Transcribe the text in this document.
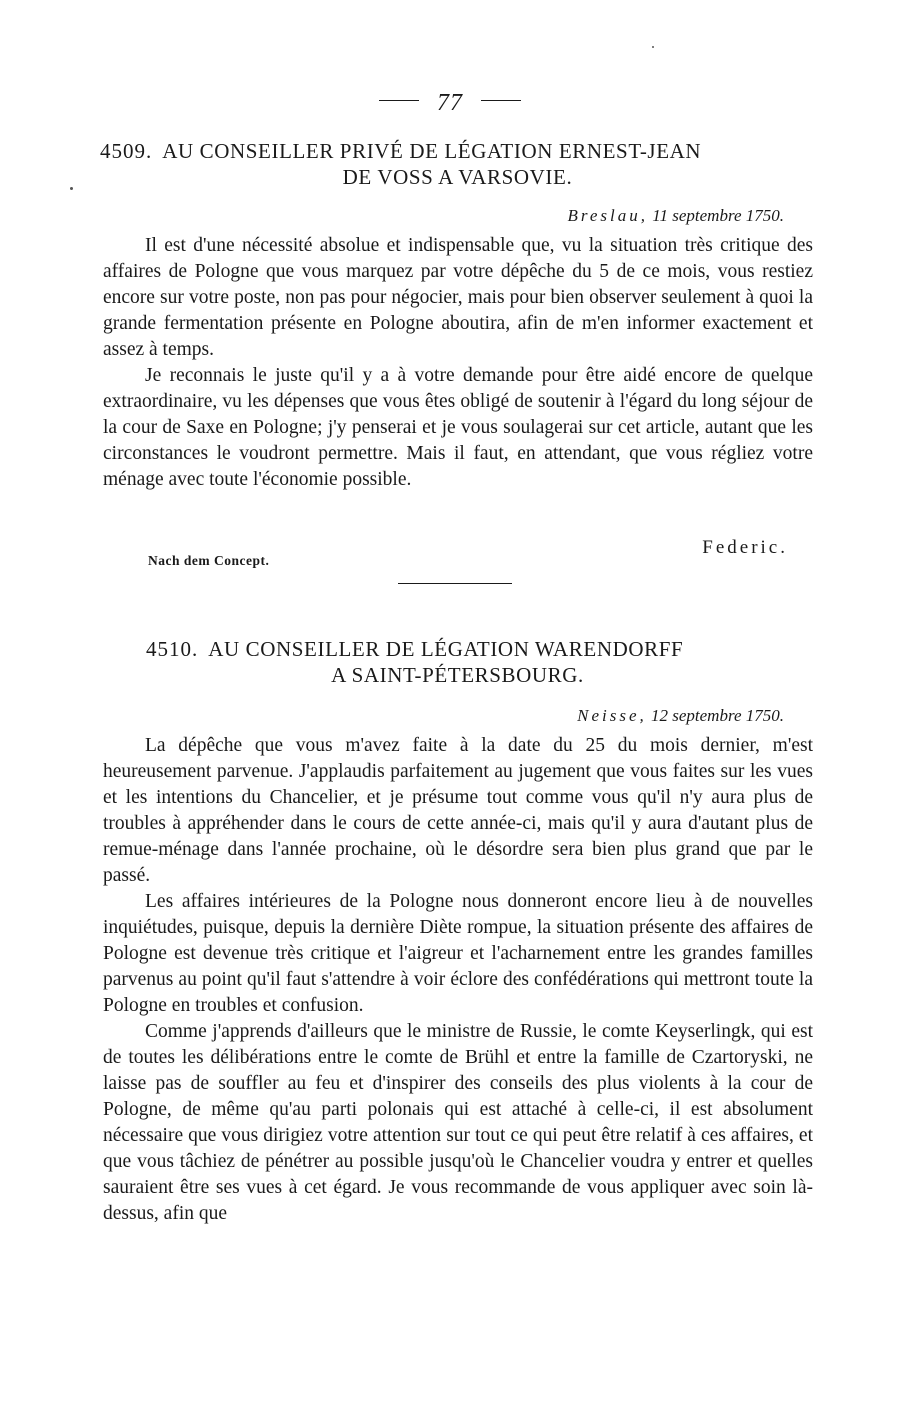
77
4509. AU CONSEILLER PRIVÉ DE LÉGATION ERNEST-JEAN
DE VOSS A VARSOVIE.
Breslau, 11 septembre 1750.

Il est d'une nécessité absolue et indispensable que, vu la situation très critique des affaires de Pologne que vous marquez par votre dépêche du 5 de ce mois, vous restiez encore sur votre poste, non pas pour négocier, mais pour bien observer seulement à quoi la grande fermentation présente en Pologne aboutira, afin de m'en informer exactement et assez à temps.

Je reconnais le juste qu'il y a à votre demande pour être aidé encore de quelque extraordinaire, vu les dépenses que vous êtes obligé de soutenir à l'égard du long séjour de la cour de Saxe en Pologne; j'y penserai et je vous soulagerai sur cet article, autant que les circonstances le voudront permettre. Mais il faut, en attendant, que vous régliez votre ménage avec toute l'économie possible.

Federic.
Nach dem Concept.
4510. AU CONSEILLER DE LÉGATION WARENDORFF
A SAINT-PÉTERSBOURG.
Neisse, 12 septembre 1750.

La dépêche que vous m'avez faite à la date du 25 du mois dernier, m'est heureusement parvenue. J'applaudis parfaitement au jugement que vous faites sur les vues et les intentions du Chancelier, et je présume tout comme vous qu'il n'y aura plus de troubles à appréhender dans le cours de cette année-ci, mais qu'il y aura d'autant plus de remue-ménage dans l'année prochaine, où le désordre sera bien plus grand que par le passé.

Les affaires intérieures de la Pologne nous donneront encore lieu à de nouvelles inquiétudes, puisque, depuis la dernière Diète rompue, la situation présente des affaires de Pologne est devenue très critique et l'aigreur et l'acharnement entre les grandes familles parvenus au point qu'il faut s'attendre à voir éclore des confédérations qui mettront toute la Pologne en troubles et confusion.

Comme j'apprends d'ailleurs que le ministre de Russie, le comte Keyserlingk, qui est de toutes les délibérations entre le comte de Brühl et entre la famille de Czartoryski, ne laisse pas de souffler au feu et d'inspirer des conseils des plus violents à la cour de Pologne, de même qu'au parti polonais qui est attaché à celle-ci, il est absolument nécessaire que vous dirigiez votre attention sur tout ce qui peut être relatif à ces affaires, et que vous tâchiez de pénétrer au possible jusqu'où le Chancelier voudra y entrer et quelles sauraient être ses vues à cet égard. Je vous recommande de vous appliquer avec soin là-dessus, afin que
